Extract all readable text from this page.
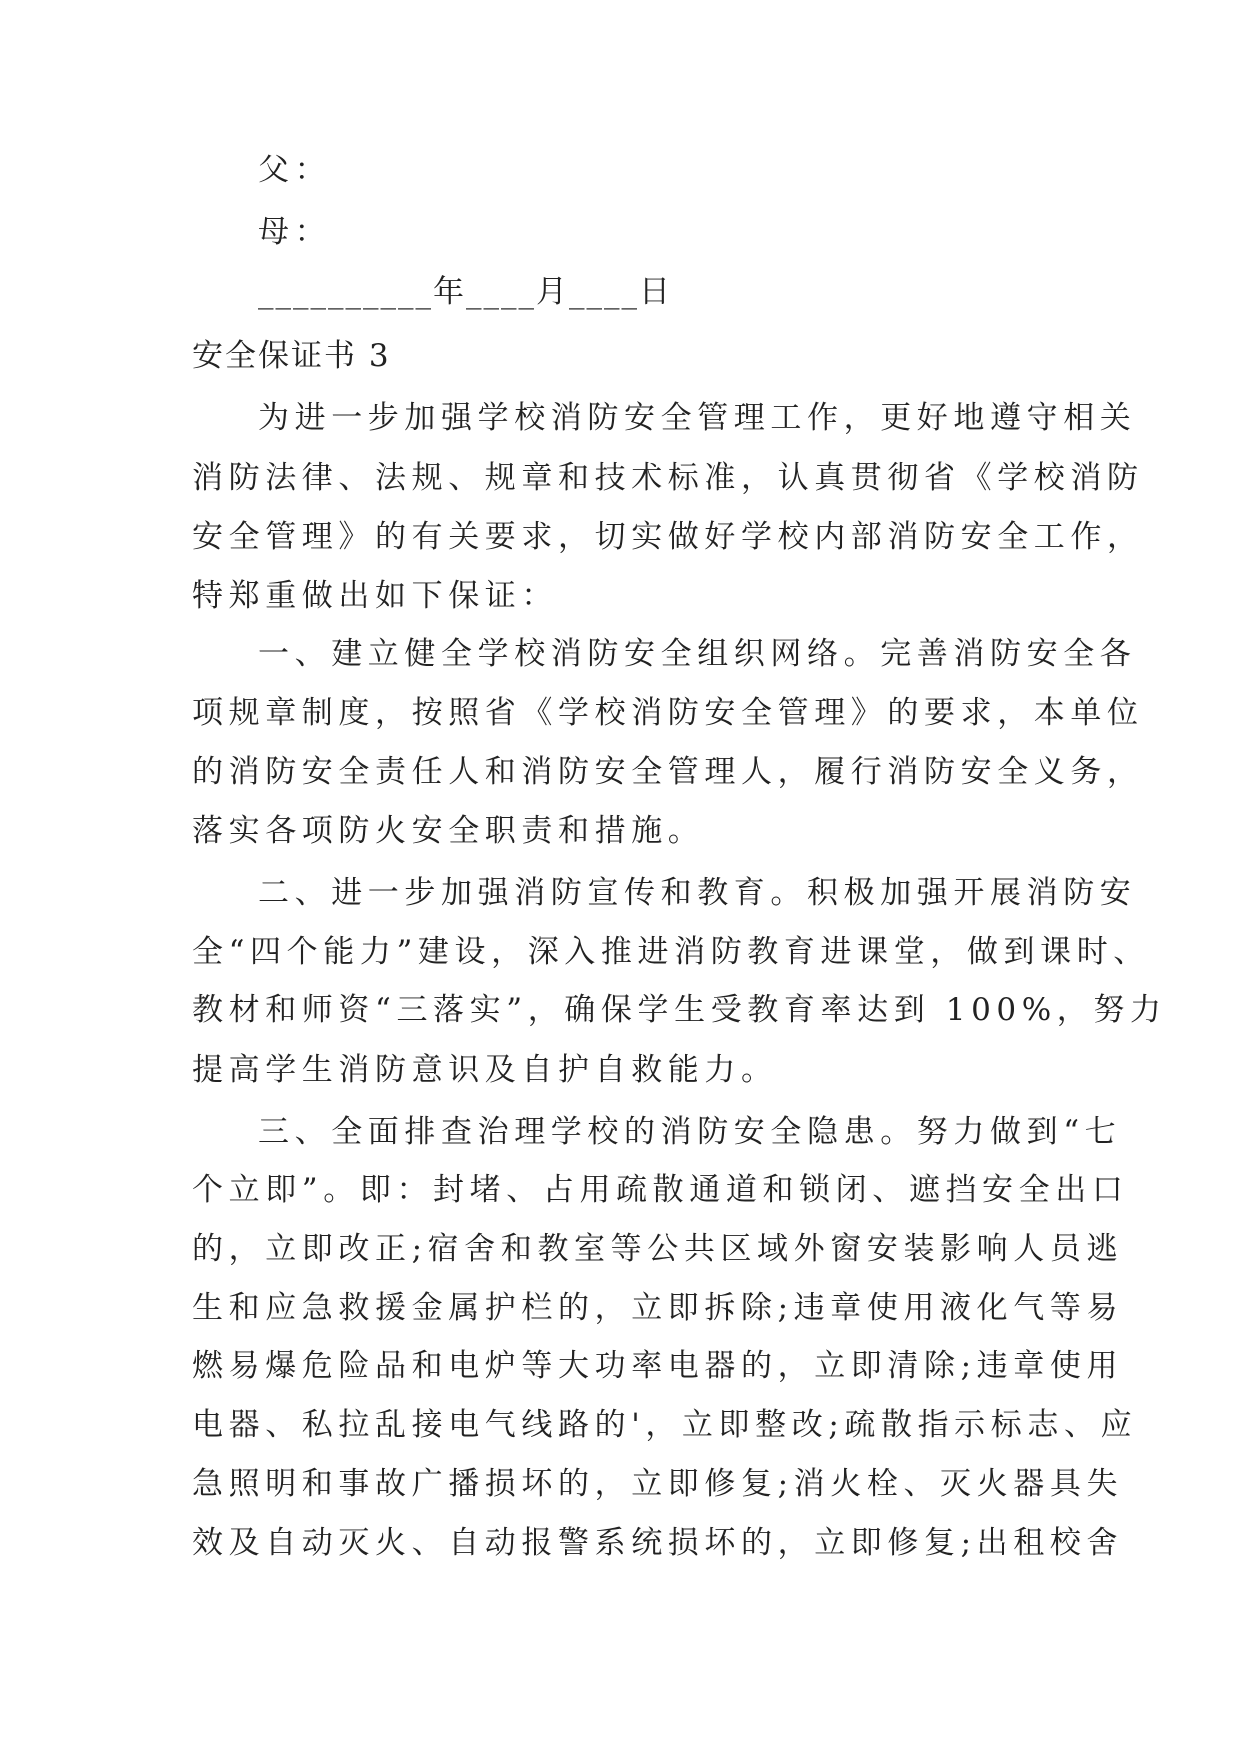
父：
母：
__________年____月____日
安全保证书 3
为进一步加强学校消防安全管理工作，更好地遵守相关
消防法律、法规、规章和技术标准，认真贯彻省《学校消防
安全管理》的有关要求，切实做好学校内部消防安全工作，
特郑重做出如下保证：
一、建立健全学校消防安全组织网络。完善消防安全各
项规章制度，按照省《学校消防安全管理》的要求，本单位
的消防安全责任人和消防安全管理人，履行消防安全义务，
落实各项防火安全职责和措施。
二、进一步加强消防宣传和教育。积极加强开展消防安
全“四个能力”建设，深入推进消防教育进课堂，做到课时、
教材和师资“三落实”，确保学生受教育率达到 100%，努力
提高学生消防意识及自护自救能力。
三、全面排查治理学校的消防安全隐患。努力做到“七
个立即”。即：封堵、占用疏散通道和锁闭、遮挡安全出口
的，立即改正;宿舍和教室等公共区域外窗安装影响人员逃
生和应急救援金属护栏的，立即拆除;违章使用液化气等易
燃易爆危险品和电炉等大功率电器的，立即清除;违章使用
电器、私拉乱接电气线路的'，立即整改;疏散指示标志、应
急照明和事故广播损坏的，立即修复;消火栓、灭火器具失
效及自动灭火、自动报警系统损坏的，立即修复;出租校舍
